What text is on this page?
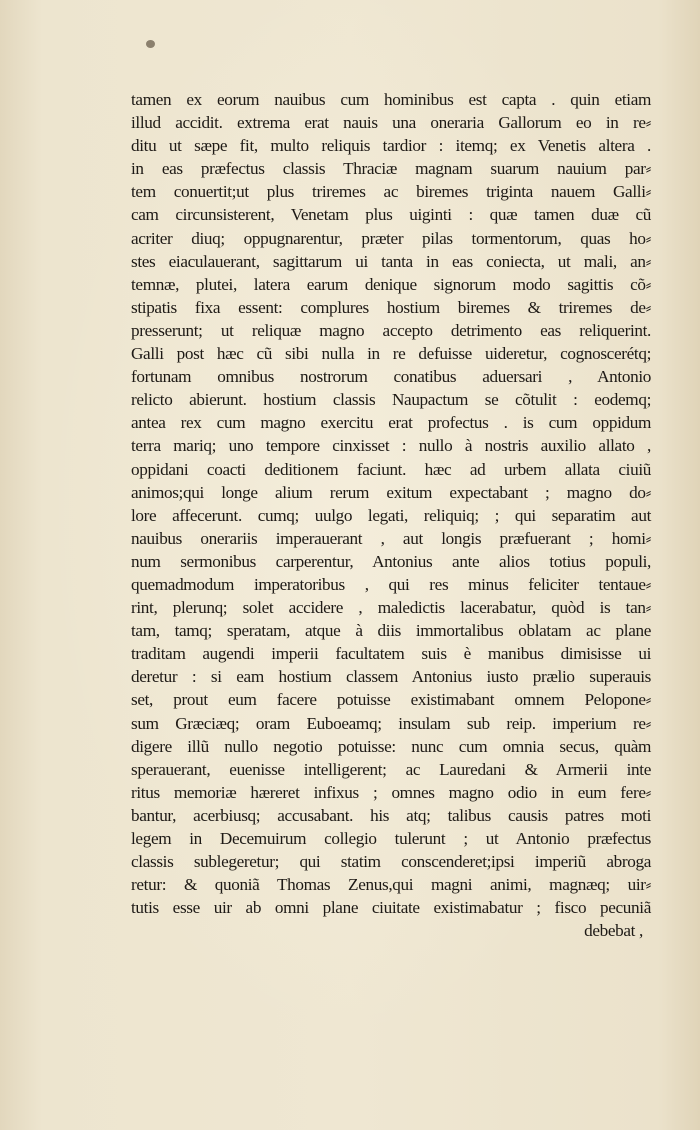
tamen ex eorum nauibus cum hominibus est capta . quin etiam
illud accidit. extrema erat nauis una oneraria Gallorum eo in re⸗
ditu ut sæpe fit, multo reliquis tardior : itemq; ex Venetis altera .
in eas præfectus classis Thraciæ magnam suarum nauium par⸗
tem conuertit;ut plus triremes ac biremes triginta nauem Galli⸗
cam circunsisterent, Venetam plus uiginti : quæ tamen duæ cũ
acriter diuq; oppugnarentur, præter pilas tormentorum, quas ho⸗
stes eiaculauerant, sagittarum ui tanta in eas coniecta, ut mali, an⸗
temnæ, plutei, latera earum denique signorum modo sagittis cõ⸗
stipatis fixa essent: complures hostium biremes & triremes de⸗
presserunt; ut reliquæ magno accepto detrimento eas reliquerint.
Galli post hæc cũ sibi nulla in re defuisse uideretur, cognoscerétq;
fortunam omnibus nostrorum conatibus aduersari , Antonio
relicto abierunt. hostium classis Naupactum se cõtulit : eodemq;
antea rex cum magno exercitu erat profectus . is cum oppidum
terra mariq; uno tempore cinxisset : nullo à nostris auxilio allato ,
oppidani coacti deditionem faciunt. hæc ad urbem allata ciuiũ
animos;qui longe alium rerum exitum expectabant ; magno do⸗
lore affecerunt. cumq; uulgo legati, reliquiq; ; qui separatim aut
nauibus onerariis imperauerant , aut longis præfuerant ; homi⸗
num sermonibus carperentur, Antonius ante alios totius populi,
quemadmodum imperatoribus , qui res minus feliciter tentaue⸗
rint, plerunq; solet accidere , maledictis lacerabatur, quòd is tan⸗
tam, tamq; speratam, atque à diis immortalibus oblatam ac plane
traditam augendi imperii facultatem suis è manibus dimisisse ui
deretur : si eam hostium classem Antonius iusto prælio superauis
set, prout eum facere potuisse existimabant omnem Pelopone⸗
sum Græciæq; oram Euboeamq; insulam sub reip. imperium re⸗
digere illũ nullo negotio potuisse: nunc cum omnia secus, quàm
sperauerant, euenisse intelligerent; ac Lauredani & Armerii inte
ritus memoriæ hæreret infixus ; omnes magno odio in eum fere⸗
bantur, acerbiusq; accusabant. his atq; talibus causis patres moti
legem in Decemuirum collegio tulerunt ; ut Antonio præfectus
classis sublegeretur; qui statim conscenderet;ipsi imperiũ abroga
retur: & quoniã Thomas Zenus,qui magni animi, magnæq; uir⸗
tutis esse uir ab omni plane ciuitate existimabatur ; fisco pecuniã
debebat ,
